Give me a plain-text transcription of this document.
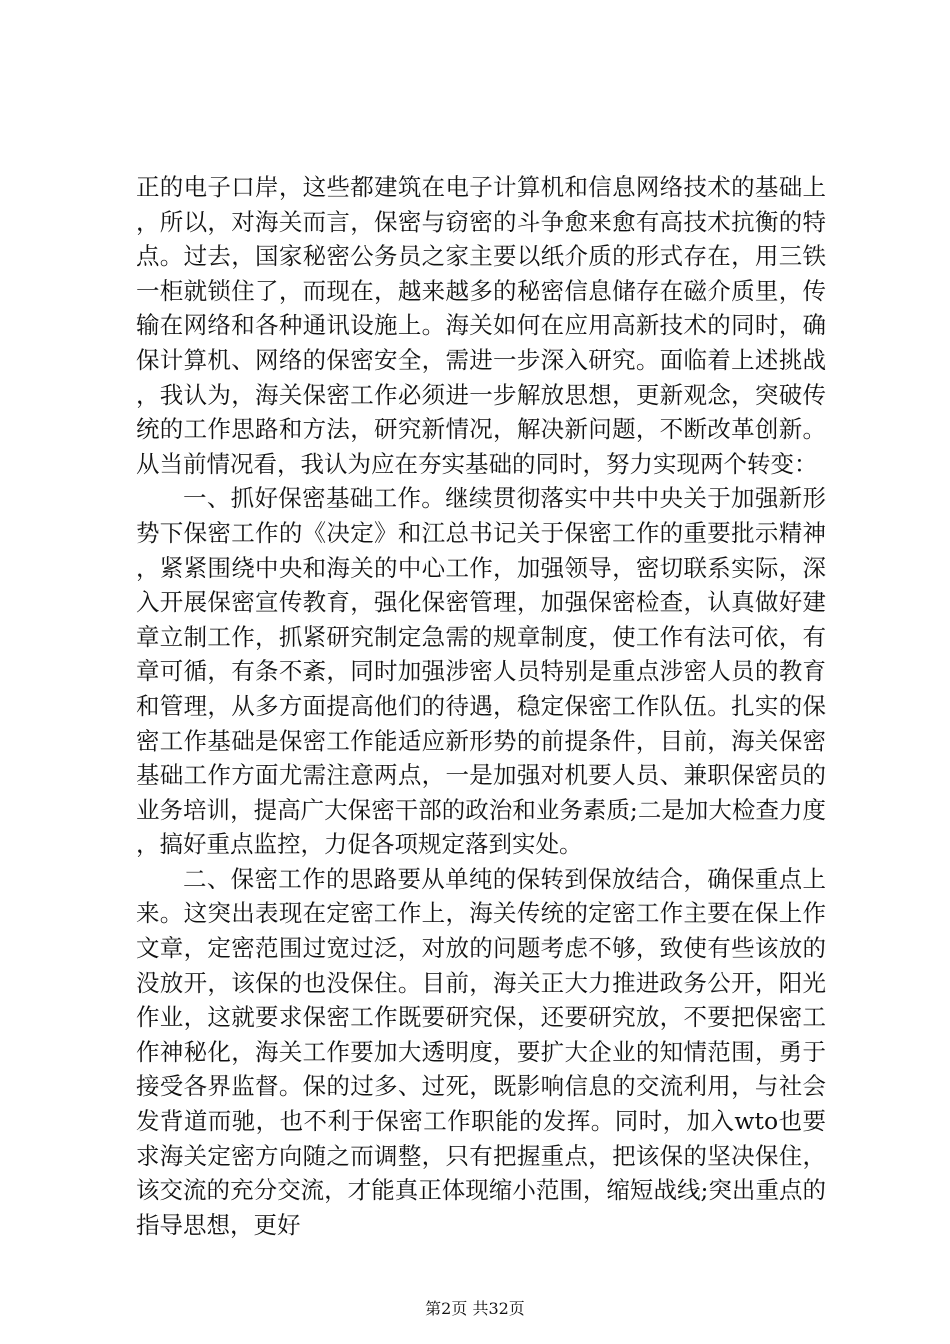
正的电子口岸，这些都建筑在电子计算机和信息网络技术的基础上，所以，对海关而言，保密与窃密的斗争愈来愈有高技术抗衡的特点。过去，国家秘密公务员之家主要以纸介质的形式存在，用三铁一柜就锁住了，而现在，越来越多的秘密信息储存在磁介质里，传输在网络和各种通讯设施上。海关如何在应用高新技术的同时，确保计算机、网络的保密安全，需进一步深入研究。面临着上述挑战，我认为，海关保密工作必须进一步解放思想，更新观念，突破传统的工作思路和方法，研究新情况，解决新问题，不断改革创新。从当前情况看，我认为应在夯实基础的同时，努力实现两个转变：

一、抓好保密基础工作。继续贯彻落实中共中央关于加强新形势下保密工作的《决定》和江总书记关于保密工作的重要批示精神，紧紧围绕中央和海关的中心工作，加强领导，密切联系实际，深入开展保密宣传教育，强化保密管理，加强保密检查，认真做好建章立制工作，抓紧研究制定急需的规章制度，使工作有法可依，有章可循，有条不紊，同时加强涉密人员特别是重点涉密人员的教育和管理，从多方面提高他们的待遇，稳定保密工作队伍。扎实的保密工作基础是保密工作能适应新形势的前提条件，目前，海关保密基础工作方面尤需注意两点，一是加强对机要人员、兼职保密员的业务培训，提高广大保密干部的政治和业务素质;二是加大检查力度，搞好重点监控，力促各项规定落到实处。

二、保密工作的思路要从单纯的保转到保放结合，确保重点上来。这突出表现在定密工作上，海关传统的定密工作主要在保上作文章，定密范围过宽过泛，对放的问题考虑不够，致使有些该放的没放开，该保的也没保住。目前，海关正大力推进政务公开，阳光作业，这就要求保密工作既要研究保，还要研究放，不要把保密工作神秘化，海关工作要加大透明度，要扩大企业的知情范围，勇于接受各界监督。保的过多、过死，既影响信息的交流利用，与社会发背道而驰，也不利于保密工作职能的发挥。同时，加入wto也要求海关定密方向随之而调整，只有把握重点，把该保的坚决保住，该交流的充分交流，才能真正体现缩小范围，缩短战线;突出重点的指导思想，更好

第2页 共32页
